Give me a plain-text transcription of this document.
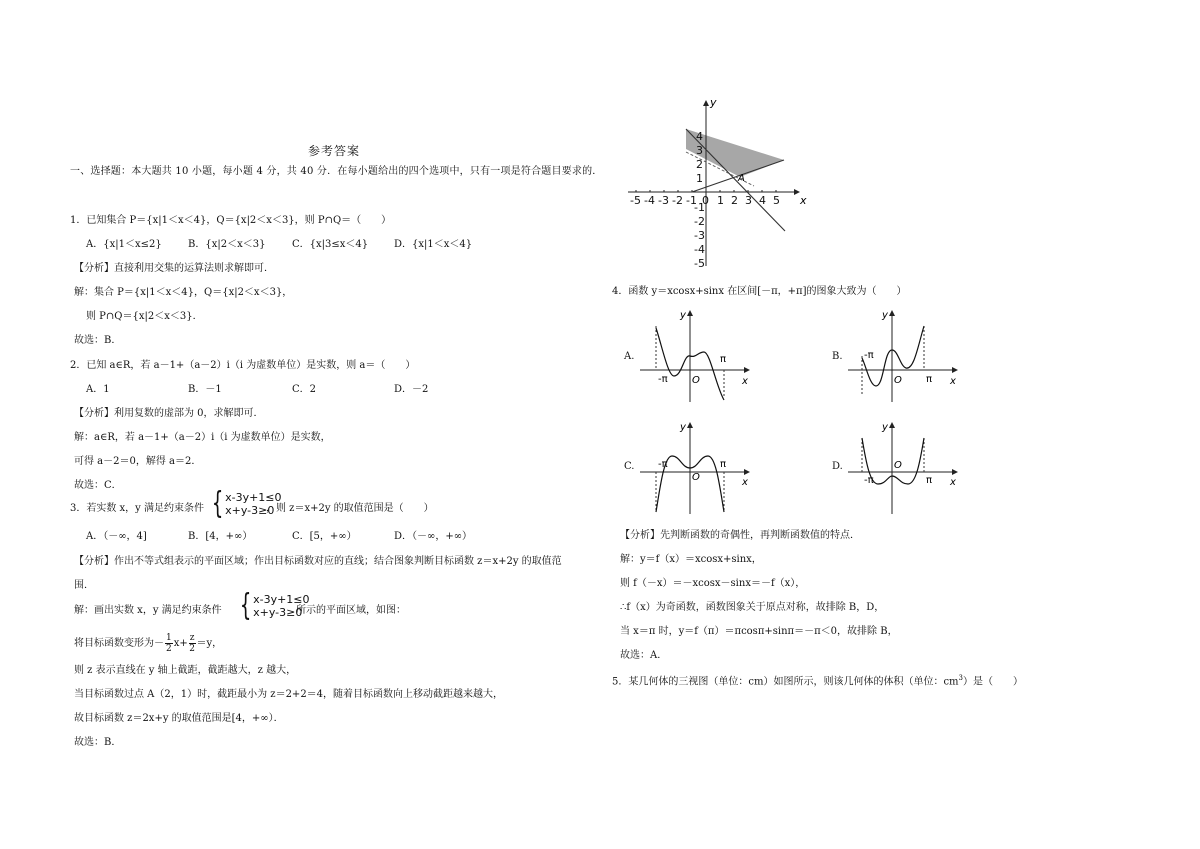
参考答案
一、选择题：本大题共 10 小题，每小题 4 分，共 40 分．在每小题给出的四个选项中，只有一项是符合题目要求的．
1．已知集合 P＝{x|1＜x＜4}，Q＝{x|2＜x＜3}，则 P∩Q＝（　　）
A．{x|1＜x≤2}	B．{x|2＜x＜3}	C．{x|3≤x＜4}	D．{x|1＜x＜4}
【分析】直接利用交集的运算法则求解即可．
解：集合 P＝{x|1＜x＜4}，Q＝{x|2＜x＜3}，
则 P∩Q＝{x|2＜x＜3}．
故选：B．
2．已知 a∈R，若 a－1+（a－2）i（i 为虚数单位）是实数，则 a＝（　　）
A．1	B．－1	C．2	D．－2
【分析】利用复数的虚部为 0，求解即可．
解：a∈R，若 a－1+（a－2）i（i 为虚数单位）是实数，
可得 a－2＝0，解得 a＝2．
故选：C．
3．若实数 x，y 满足约束条件 { x-3y+1≤0
x+y-3≥0
，则 z＝x+2y 的取值范围是（　　）
A．（－∞，4]	B．[4，+∞）	C．[5，+∞）	D．（－∞，+∞）
【分析】作出不等式组表示的平面区域；作出目标函数对应的直线；结合图象判断目标函数 z＝x+2y 的取值范
围．
解：画出实数 x，y 满足约束条件 { x-3y+1≤0
x+y-3≥0
所示的平面区域，如图：
将目标函数变形为－ $\frac{1}{2} x+ \frac{z}{2} =y$，
则 z 表示直线在 y 轴上截距，截距越大，z 越大，
当目标函数过点 A（2，1）时，截距最小为 z＝2+2＝4，随着目标函数向上移动截距越来越大，
故目标函数 z＝2x+y 的取值范围是[4，+∞）．
故选：B．
-5 -4 -3 -2 -1 0 1 2 3 4 5
1
2
3
4
-1
-2
-3
-4
-5
x
y
A
4．函数 y＝xcosx+sinx 在区间[－π，+π]的图象大致为（　　）
A.
-π
π
O	x
y
B. -π
π
O	x
y
C. -π	π
O	x
y
D.
-π	π
O
x
y
【分析】先判断函数的奇偶性，再判断函数值的特点．
解：y＝f（x）＝xcosx+sinx，
则 f（－x）＝－xcosx－sinx＝－f（x），
∴f（x）为奇函数，函数图象关于原点对称，故排除 B，D，
当 x＝π 时，y＝f（π）＝πcosπ+sinπ＝－π＜0，故排除 B，
故选：A．
5．某几何体的三视图（单位：cm）如图所示，则该几何体的体积（单位：$cm^3$）是（　　）
